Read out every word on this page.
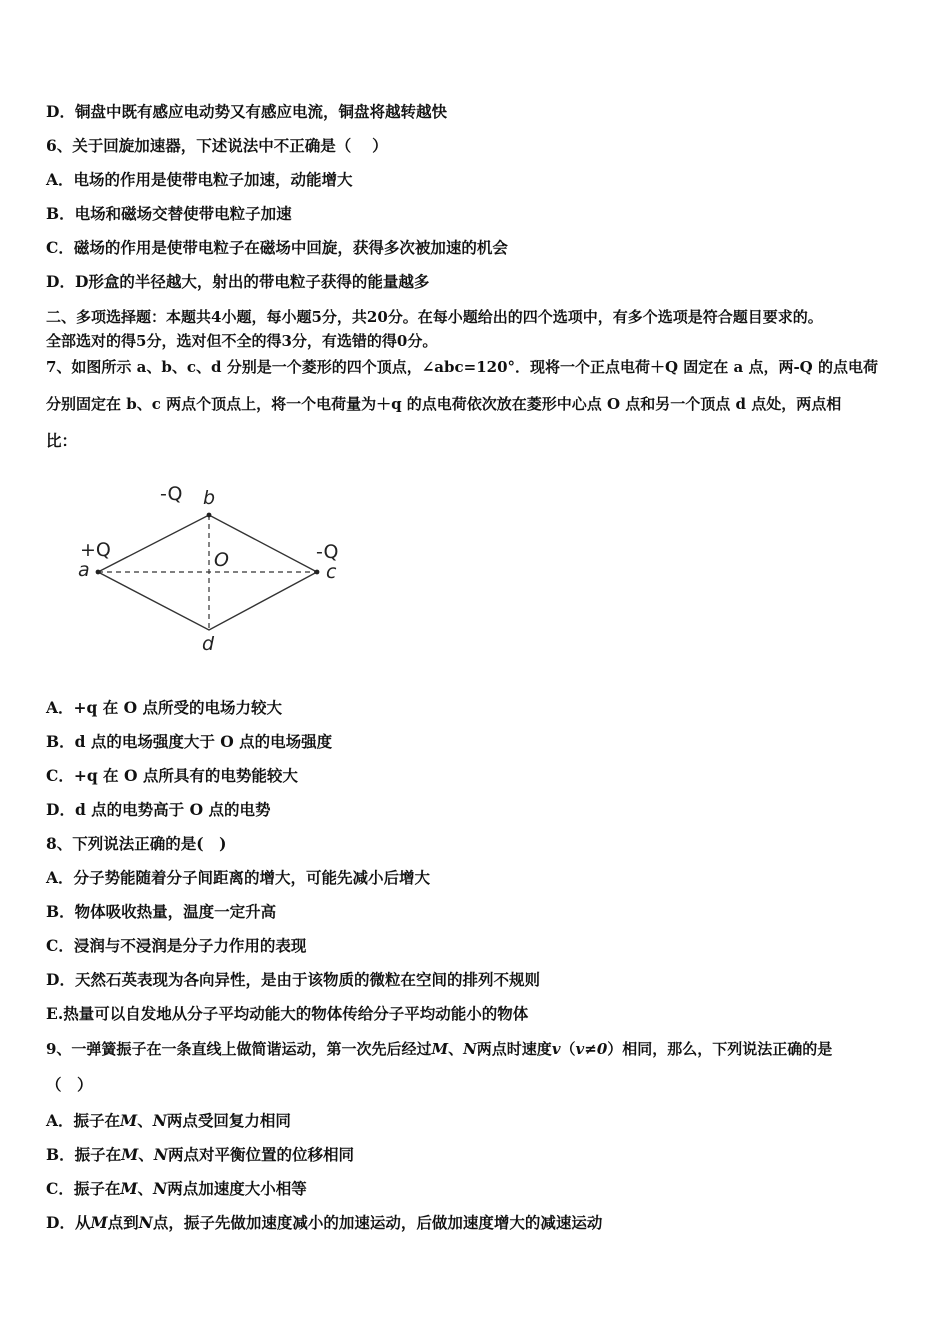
D．铜盘中既有感应电动势又有感应电流，铜盘将越转越快
6、关于回旋加速器，下述说法中不正确是（　 ）
A．电场的作用是使带电粒子加速，动能增大
B．电场和磁场交替使带电粒子加速
C．磁场的作用是使带电粒子在磁场中回旋，获得多次被加速的机会
D．D形盒的半径越大，射出的带电粒子获得的能量越多
二、多项选择题：本题共4小题，每小题5分，共20分。在每小题给出的四个选项中，有多个选项是符合题目要求的。
全部选对的得5分，选对但不全的得3分，有选错的得0分。
7、如图所示 a、b、c、d 分别是一个菱形的四个顶点，∠abc=120°．现将一个正点电荷＋Q 固定在 a 点，两-Q 的点电荷
分别固定在 b、c 两点个顶点上，将一个电荷量为＋q 的点电荷依次放在菱形中心点 O 点和另一个顶点 d 点处，两点相
比：
-Q b
+Q
a
-Q
c
O
d
A．+q 在 O 点所受的电场力较大
B．d 点的电场强度大于 O 点的电场强度
C．+q 在 O 点所具有的电势能较大
D．d 点的电势高于 O 点的电势
8、下列说法正确的是(　)
A．分子势能随着分子间距离的增大，可能先减小后增大
B．物体吸收热量，温度一定升高
C．浸润与不浸润是分子力作用的表现
D．天然石英表现为各向异性，是由于该物质的微粒在空间的排列不规则
E.热量可以自发地从分子平均动能大的物体传给分子平均动能小的物体
9、一弹簧振子在一条直线上做简谐运动，第一次先后经过M、N两点时速度v（v≠0）相同，那么，下列说法正确的是
（　）
A．振子在M、N两点受回复力相同
B．振子在M、N两点对平衡位置的位移相同
C．振子在M、N两点加速度大小相等
D．从M点到N点，振子先做加速度减小的加速运动，后做加速度增大的减速运动
